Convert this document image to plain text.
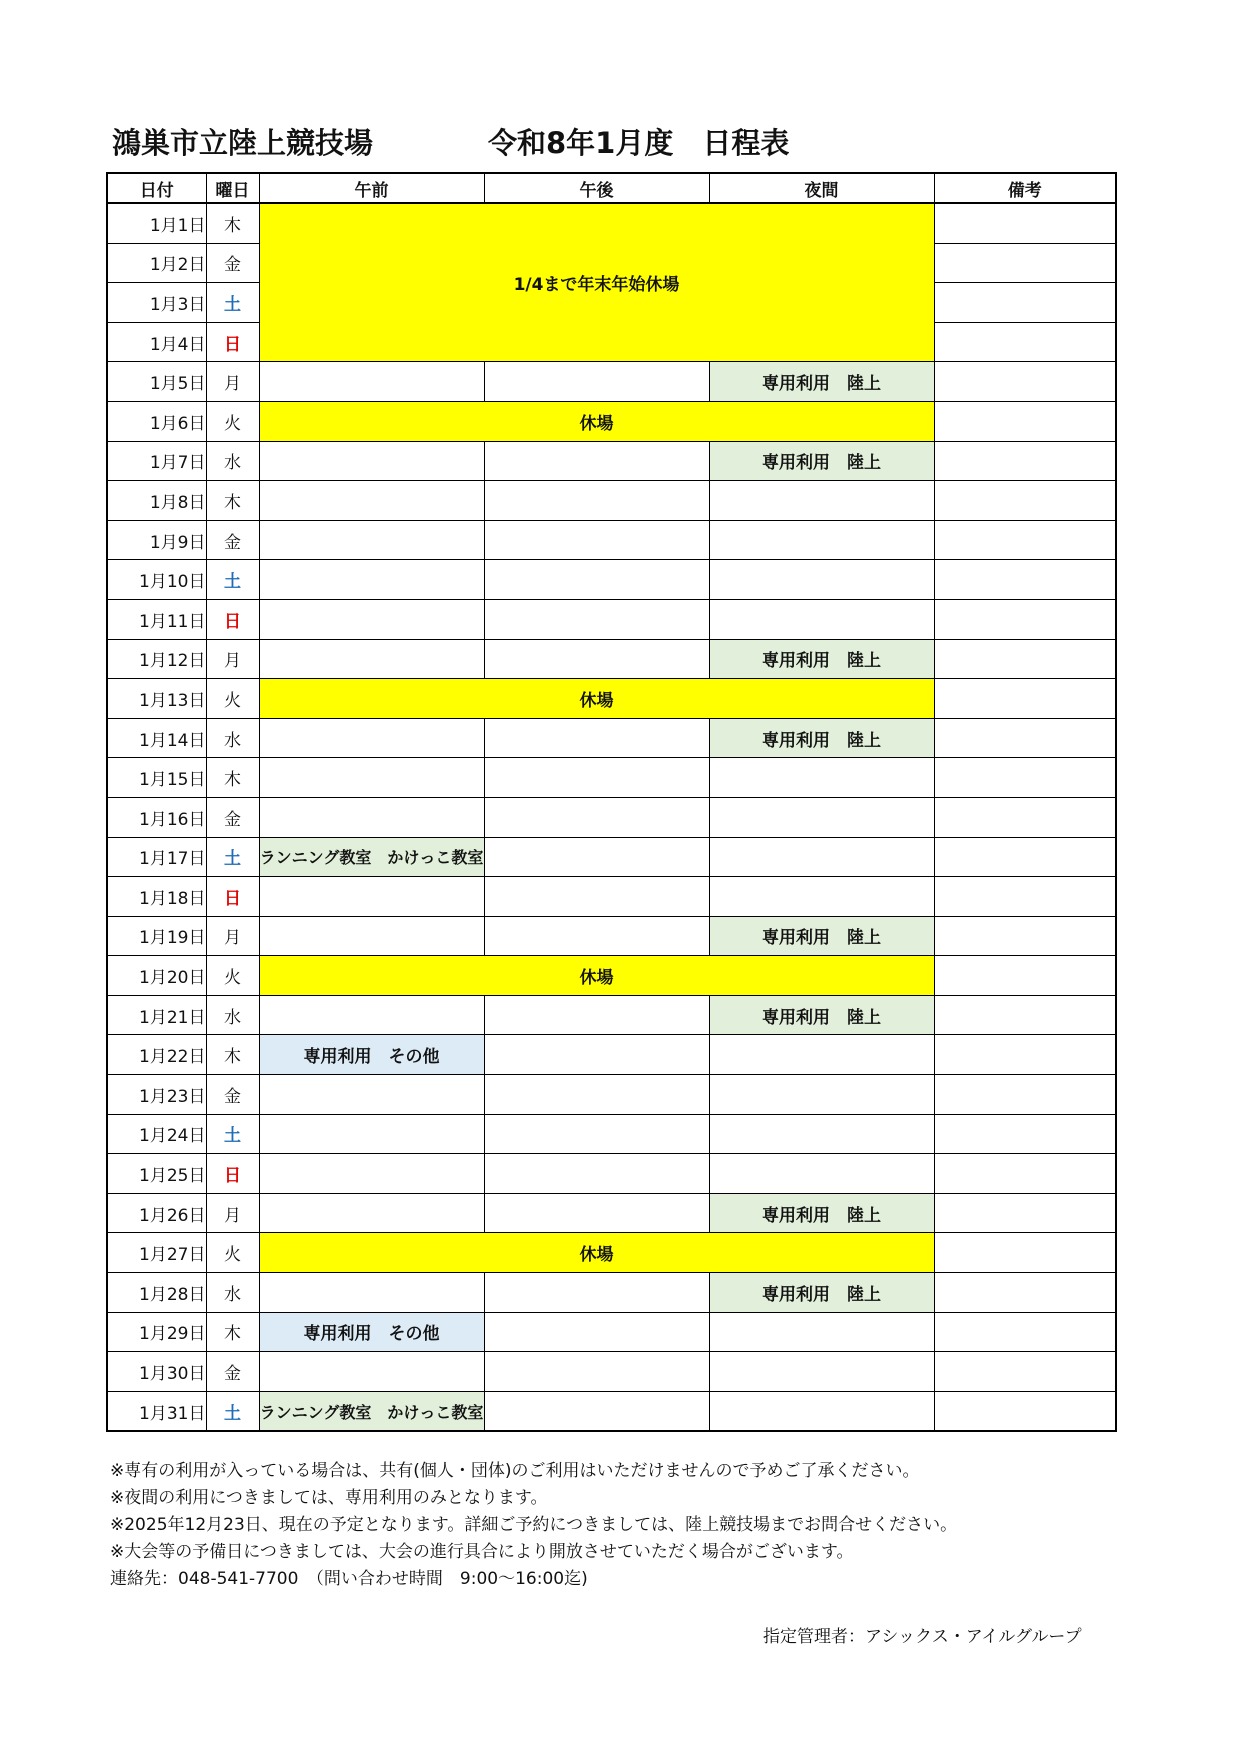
鴻巣市立陸上競技場	令和8年1月度　日程表
日付	曜日	午前	午後	夜間	備考
1月1日	木	1/4まで年末年始休場			
1月2日	金				
1月3日	土				
1月4日	日				
1月5日	月			専用利用　陸上	
1月6日	火	休場			
1月7日	水			専用利用　陸上	
1月8日	木				
1月9日	金				
1月10日	土				
1月11日	日				
1月12日	月			専用利用　陸上	
1月13日	火	休場			
1月14日	水			専用利用　陸上	
1月15日	木				
1月16日	金				
1月17日	土	ランニング教室　かけっこ教室			
1月18日	日				
1月19日	月			専用利用　陸上	
1月20日	火	休場			
1月21日	水			専用利用　陸上	
1月22日	木	専用利用　その他			
1月23日	金				
1月24日	土				
1月25日	日				
1月26日	月			専用利用　陸上	
1月27日	火	休場			
1月28日	水			専用利用　陸上	
1月29日	木	専用利用　その他			
1月30日	金				
1月31日	土	ランニング教室　かけっこ教室			
※専有の利用が入っている場合は、共有(個人・団体)のご利用はいただけませんので予めご了承ください。
※夜間の利用につきましては、専用利用のみとなります。
※2025年12月23日、現在の予定となります。詳細ご予約につきましては、陸上競技場までお問合せください。
※大会等の予備日につきましては、大会の進行具合により開放させていただく場合がございます。
連絡先：048-541-7700　（問い合わせ時間　9:00～16:00迄)
指定管理者：アシックス・アイルグループ
